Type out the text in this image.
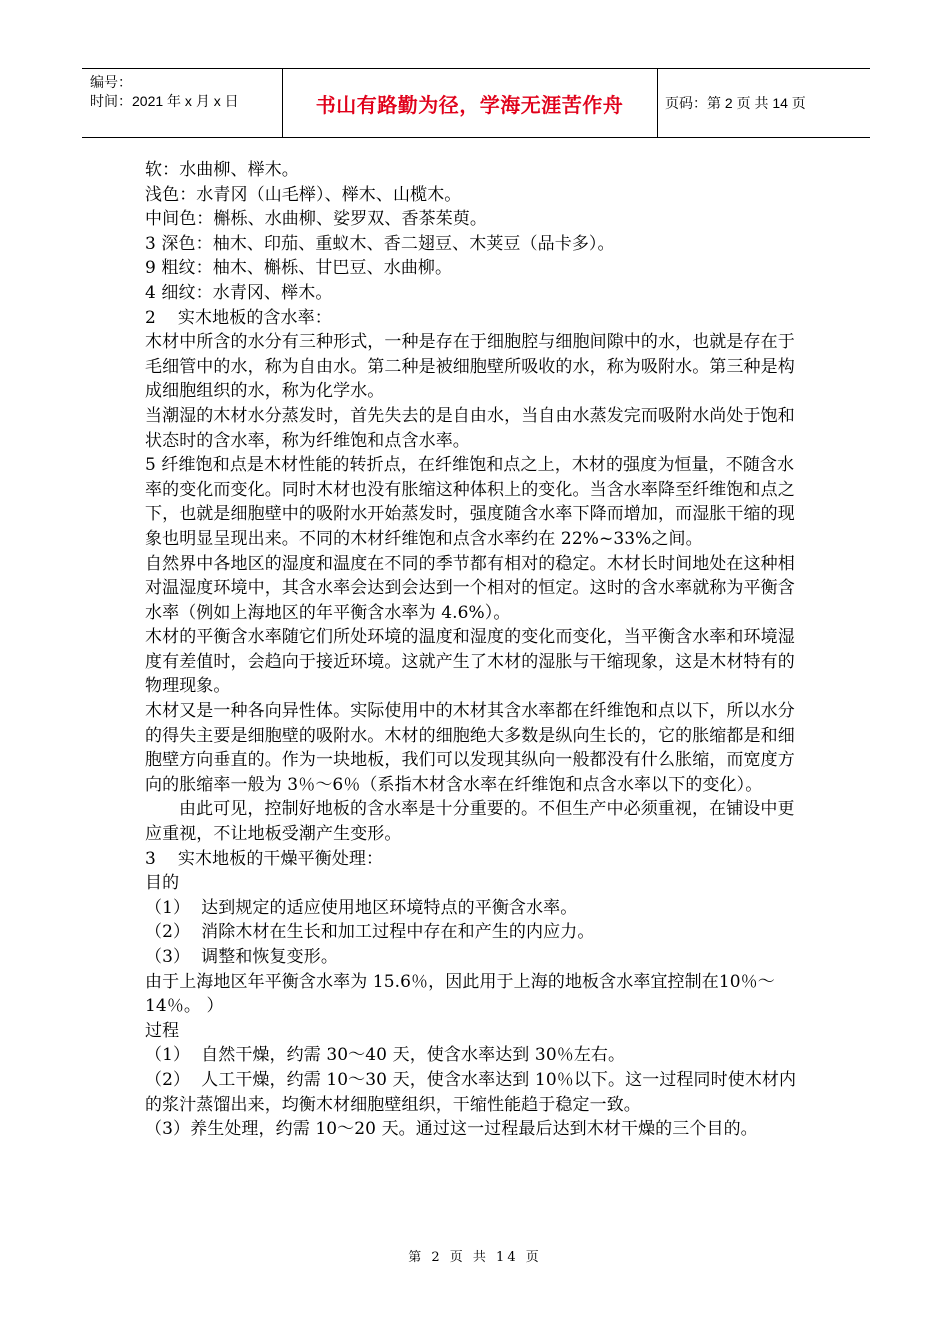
编号：
时间：2021 年 x 月 x 日	书山有路勤为径，学海无涯苦作舟	页码：第 2 页 共 14 页

软：水曲柳、榉木。

浅色：水青冈（山毛榉）、榉木、山榄木。

中间色：槲栎、水曲柳、娑罗双、香茶茱萸。

3 深色：柚木、印茄、重蚁木、香二翅豆、木荚豆（品卡多）。

9 粗纹：柚木、槲栎、甘巴豆、水曲柳。

4 细纹：水青冈、榉木。

2    实木地板的含水率：

木材中所含的水分有三种形式，一种是存在于细胞腔与细胞间隙中的水，也就是存在于毛细管中的水，称为自由水。第二种是被细胞壁所吸收的水，称为吸附水。第三种是构成细胞组织的水，称为化学水。

当潮湿的木材水分蒸发时，首先失去的是自由水，当自由水蒸发完而吸附水尚处于饱和状态时的含水率，称为纤维饱和点含水率。

5 纤维饱和点是木材性能的转折点，在纤维饱和点之上，木材的强度为恒量，不随含水率的变化而变化。同时木材也没有胀缩这种体积上的变化。当含水率降至纤维饱和点之下，也就是细胞壁中的吸附水开始蒸发时，强度随含水率下降而增加，而湿胀干缩的现象也明显呈现出来。不同的木材纤维饱和点含水率约在 22%~33%之间。

自然界中各地区的湿度和温度在不同的季节都有相对的稳定。木材长时间地处在这种相对温湿度环境中，其含水率会达到会达到一个相对的恒定。这时的含水率就称为平衡含水率（例如上海地区的年平衡含水率为 4.6%）。

木材的平衡含水率随它们所处环境的温度和湿度的变化而变化，当平衡含水率和环境湿度有差值时，会趋向于接近环境。这就产生了木材的湿胀与干缩现象，这是木材特有的物理现象。

木材又是一种各向异性体。实际使用中的木材其含水率都在纤维饱和点以下，所以水分的得失主要是细胞壁的吸附水。木材的细胞绝大多数是纵向生长的，它的胀缩都是和细胞壁方向垂直的。作为一块地板，我们可以发现其纵向一般都没有什么胀缩，而宽度方向的胀缩率一般为 3％～6％（系指木材含水率在纤维饱和点含水率以下的变化）。

由此可见，控制好地板的含水率是十分重要的。不但生产中必须重视，在铺设中更应重视，不让地板受潮产生变形。

3    实木地板的干燥平衡处理：

目的

（1）  达到规定的适应使用地区环境特点的平衡含水率。

（2）  消除木材在生长和加工过程中存在和产生的内应力。

（3）  调整和恢复变形。

由于上海地区年平衡含水率为 15.6％，因此用于上海的地板含水率宜控制在10％～14％。 ）

过程

（1）  自然干燥，约需 30～40 天，使含水率达到 30％左右。

（2）  人工干燥，约需 10～30 天，使含水率达到 10％以下。这一过程同时使木材内的浆汁蒸馏出来，均衡木材细胞壁组织，干缩性能趋于稳定一致。

（3）养生处理，约需 10～20 天。通过这一过程最后达到木材干燥的三个目的。

第 2 页 共 14 页
